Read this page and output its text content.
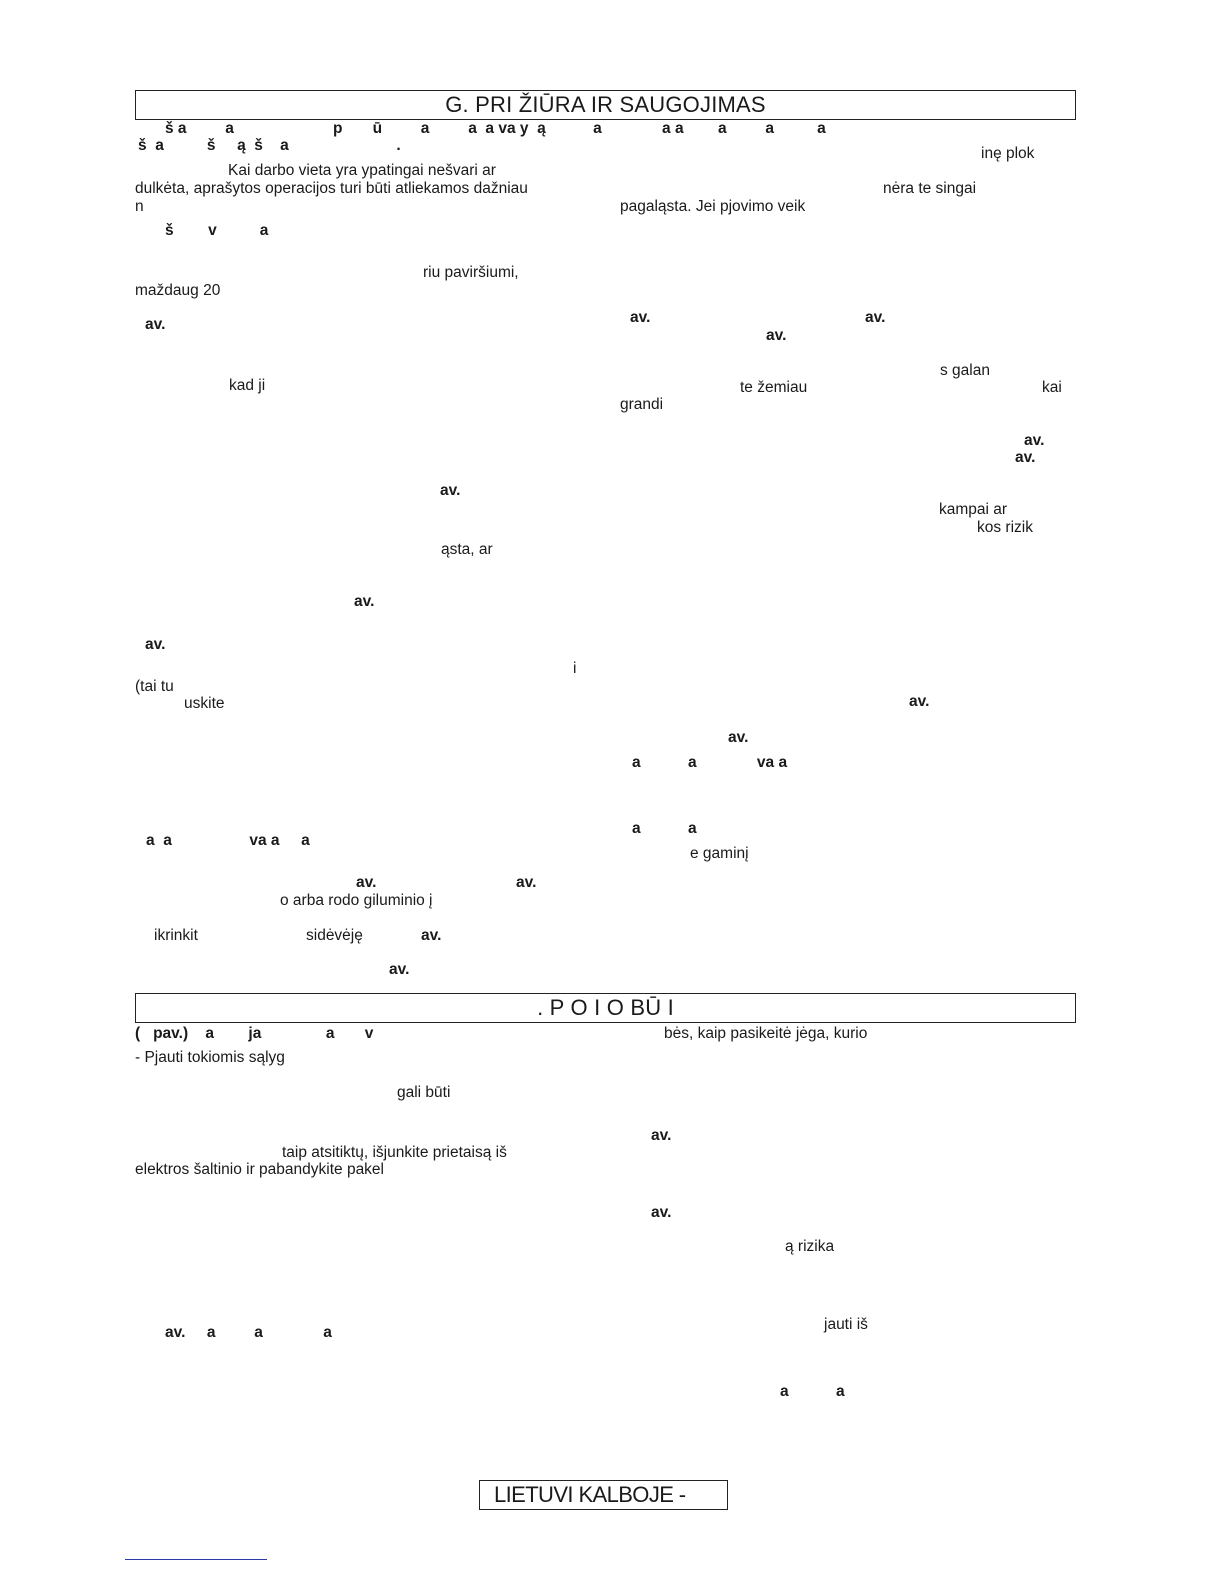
G. PRI ŽIŪRA IR SAUGOJIMAS
š a         a                       p       ū         a         a  a va y  ą           a              a a        a         a          a
š  a          š     ą  š    a                         .
Kai darbo vieta yra ypatingai nešvari ar
dulkėta, aprašytos operacijos turi būti atliekamos dažniau
n
š        v          a
riu paviršiumi,
maždaug 20
av.
kad ji
av.
ąsta, ar
av.
av.
i
(tai tu
uskite
a  a                  va a     a
av.	av.
o arba rodo giluminio į
ikrinkit	sidėvėję	av.
av.
inę plok
nėra te singai
pagaląsta. Jei pjovimo veik
av.	av.
av.
s galan
te žemiau	kai
grandi
av.
av.
kampai ar
kos rizik
av.
av.
a           a              va a
a           a
e gaminį
. P O I O BŪ I
(   pav.)    a        ja               a       v	bės, kaip pasikeitė jėga, kurio
- Pjauti tokiomis sąlyg
gali būti
av.
taip atsitiktų, išjunkite prietaisą iš
elektros šaltinio ir pabandykite pakel
av.
ą rizika
jauti iš
av.     a         a              a
a           a
LIETUVI KALBOJE -
